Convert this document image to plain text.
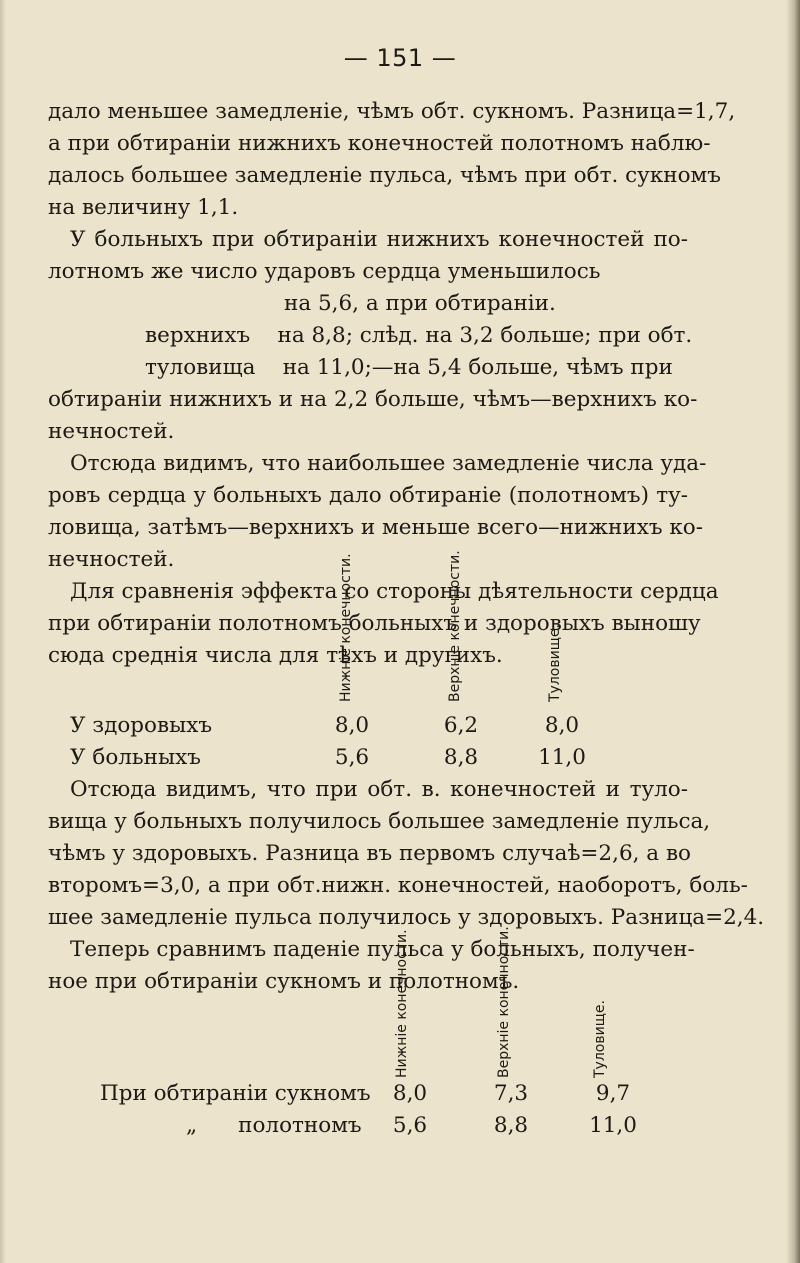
— 151 —
дало меньшее замедленіе, чѣмъ обт. сукномъ. Разница=1,7,
а при обтираніи нижнихъ конечностей полотномъ наблю-
далось большее замедленіе пульса, чѣмъ при обт. сукномъ
на величину 1,1.
У больныхъ при обтираніи нижнихъ конечностей по-
лотномъ же число ударовъ сердца уменьшилось
на 5,6, а при обтираніи.
верхнихъ    на 8,8; слѣд. на 3,2 больше; при обт.
туловища    на 11,0;—на 5,4 больше, чѣмъ при
обтираніи нижнихъ и на 2,2 больше, чѣмъ—верхнихъ ко-
нечностей.
Отсюда видимъ, что наибольшее замедленіе числа уда-
ровъ сердца у больныхъ дало обтираніе (полотномъ) ту-
ловища, затѣмъ—верхнихъ и меньше всего—нижнихъ ко-
нечностей.
Для сравненія эффекта со стороны дѣятельности сердца
при обтираніи полотномъ больныхъ и здоровыхъ выношу
сюда среднія числа для тѣхъ и другихъ.
Нижніе конечности.	Верхніе конечности.	Туловище.
У здоровыхъ	8,0	6,2	8,0
У больныхъ	5,6	8,8	11,0
Отсюда видимъ, что при обт. в. конечностей и туло-
вища у больныхъ получилось большее замедленіе пульса,
чѣмъ у здоровыхъ. Разница въ первомъ случаѣ=2,6, а во
второмъ=3,0, а при обт.нижн. конечностей, наоборотъ, боль-
шее замедленіе пульса получилось у здоровыхъ. Разница=2,4.
Теперь сравнимъ паденіе пульса у больныхъ, получен-
ное при обтираніи сукномъ и полотномъ.
Нижніе конечности.	Верхніе конечности.	Туловище.
При обтираніи сукномъ	8,0	7,3	9,7
„      полотномъ	5,6	8,8	11,0
